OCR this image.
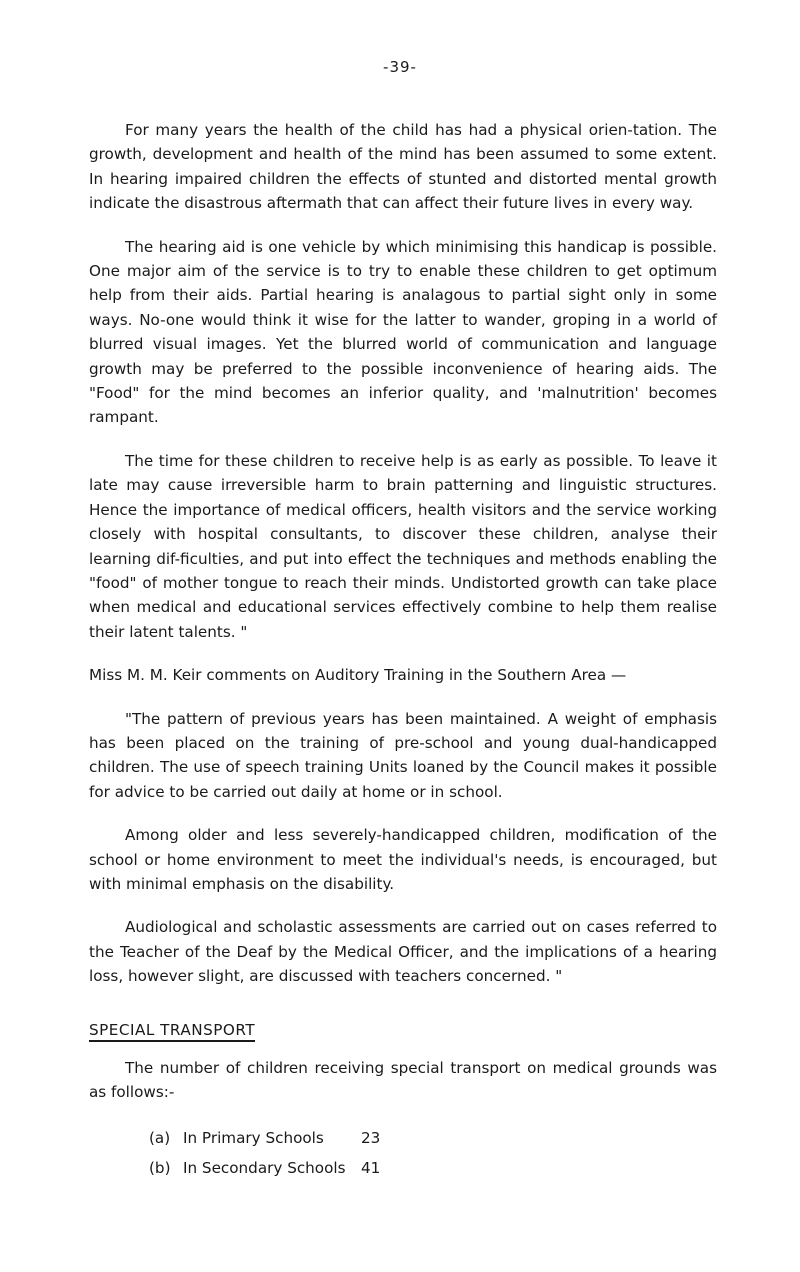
-39-

For many years the health of the child has had a physical orien-tation. The growth, development and health of the mind has been assumed to some extent. In hearing impaired children the effects of stunted and distorted mental growth indicate the disastrous aftermath that can affect their future lives in every way.

The hearing aid is one vehicle by which minimising this handicap is possible. One major aim of the service is to try to enable these children to get optimum help from their aids. Partial hearing is analagous to partial sight only in some ways. No-one would think it wise for the latter to wander, groping in a world of blurred visual images. Yet the blurred world of communication and language growth may be preferred to the possible inconvenience of hearing aids. The "Food" for the mind becomes an inferior quality, and 'malnutrition' becomes rampant.

The time for these children to receive help is as early as possible. To leave it late may cause irreversible harm to brain patterning and linguistic structures. Hence the importance of medical officers, health visitors and the service working closely with hospital consultants, to discover these children, analyse their learning dif-ficulties, and put into effect the techniques and methods enabling the "food" of mother tongue to reach their minds. Undistorted growth can take place when medical and educational services effectively combine to help them realise their latent talents. "

Miss M. M. Keir comments on Auditory Training in the Southern Area —

"The pattern of previous years has been maintained. A weight of emphasis has been placed on the training of pre-school and young dual-handicapped children. The use of speech training Units loaned by the Council makes it possible for advice to be carried out daily at home or in school.

Among older and less severely-handicapped children, modification of the school or home environment to meet the individual's needs, is encouraged, but with minimal emphasis on the disability.

Audiological and scholastic assessments are carried out on cases referred to the Teacher of the Deaf by the Medical Officer, and the implications of a hearing loss, however slight, are discussed with teachers concerned. "

SPECIAL TRANSPORT

The number of children receiving special transport on medical grounds was as follows:-

(a) In Primary Schools	23
(b) In Secondary Schools	41
